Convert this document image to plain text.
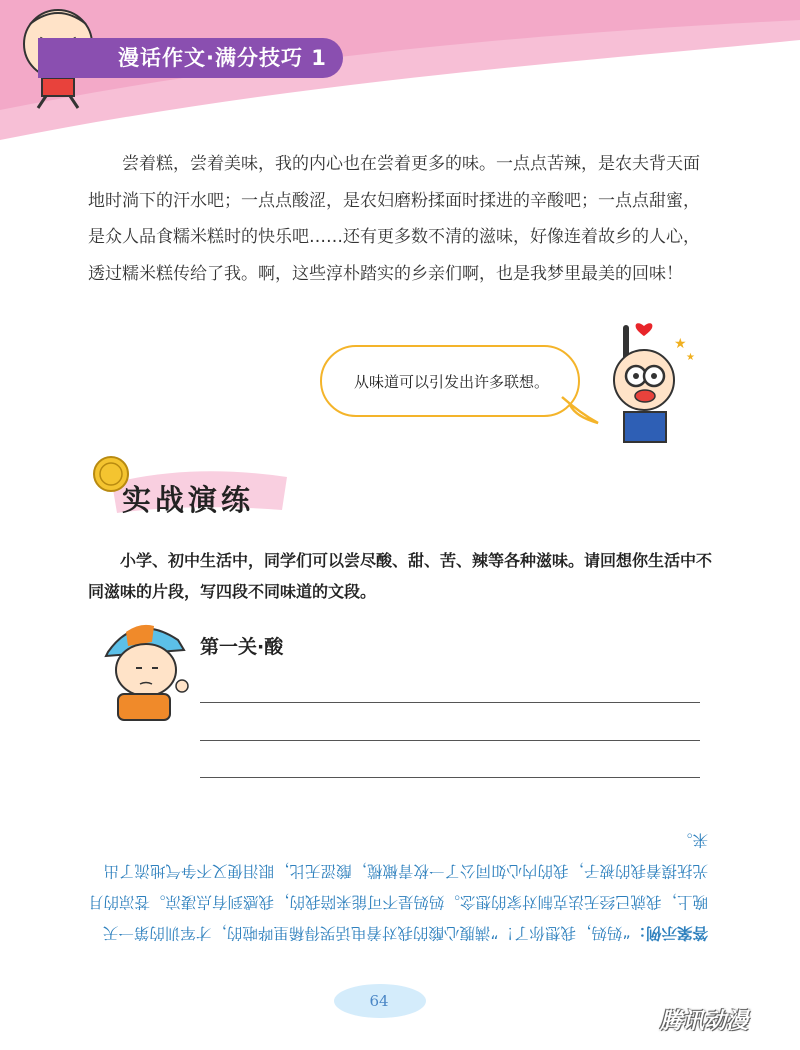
漫话作文·满分技巧 1

尝着糕，尝着美味，我的内心也在尝着更多的味。一点点苦辣，是农夫背天面地时淌下的汗水吧；一点点酸涩，是农妇磨粉揉面时揉进的辛酸吧；一点点甜蜜，是众人品食糯米糕时的快乐吧……还有更多数不清的滋味，好像连着故乡的人心，透过糯米糕传给了我。啊，这些淳朴踏实的乡亲们啊，也是我梦里最美的回味！

从味道可以引发出许多联想。
★
★
实战演练

小学、初中生活中，同学们可以尝尽酸、甜、苦、辣等各种滋味。请回想你生活中不同滋味的片段，写四段不同味道的文段。

第一关·酸

答案示例：“妈妈，我想你了！”满腹心酸的我对着电话哭得稀里哗啦的，才军训的第一天晚上，我就已经无法克制对家的想念。妈妈是不可能来陪我的，我感到有点凄凉。苍凉的月光抚摸着我的被子，我的内心如同公了一枚青橄榄，酸涩无比，眼泪便又不争气地流了出来。

64
腾讯动漫
